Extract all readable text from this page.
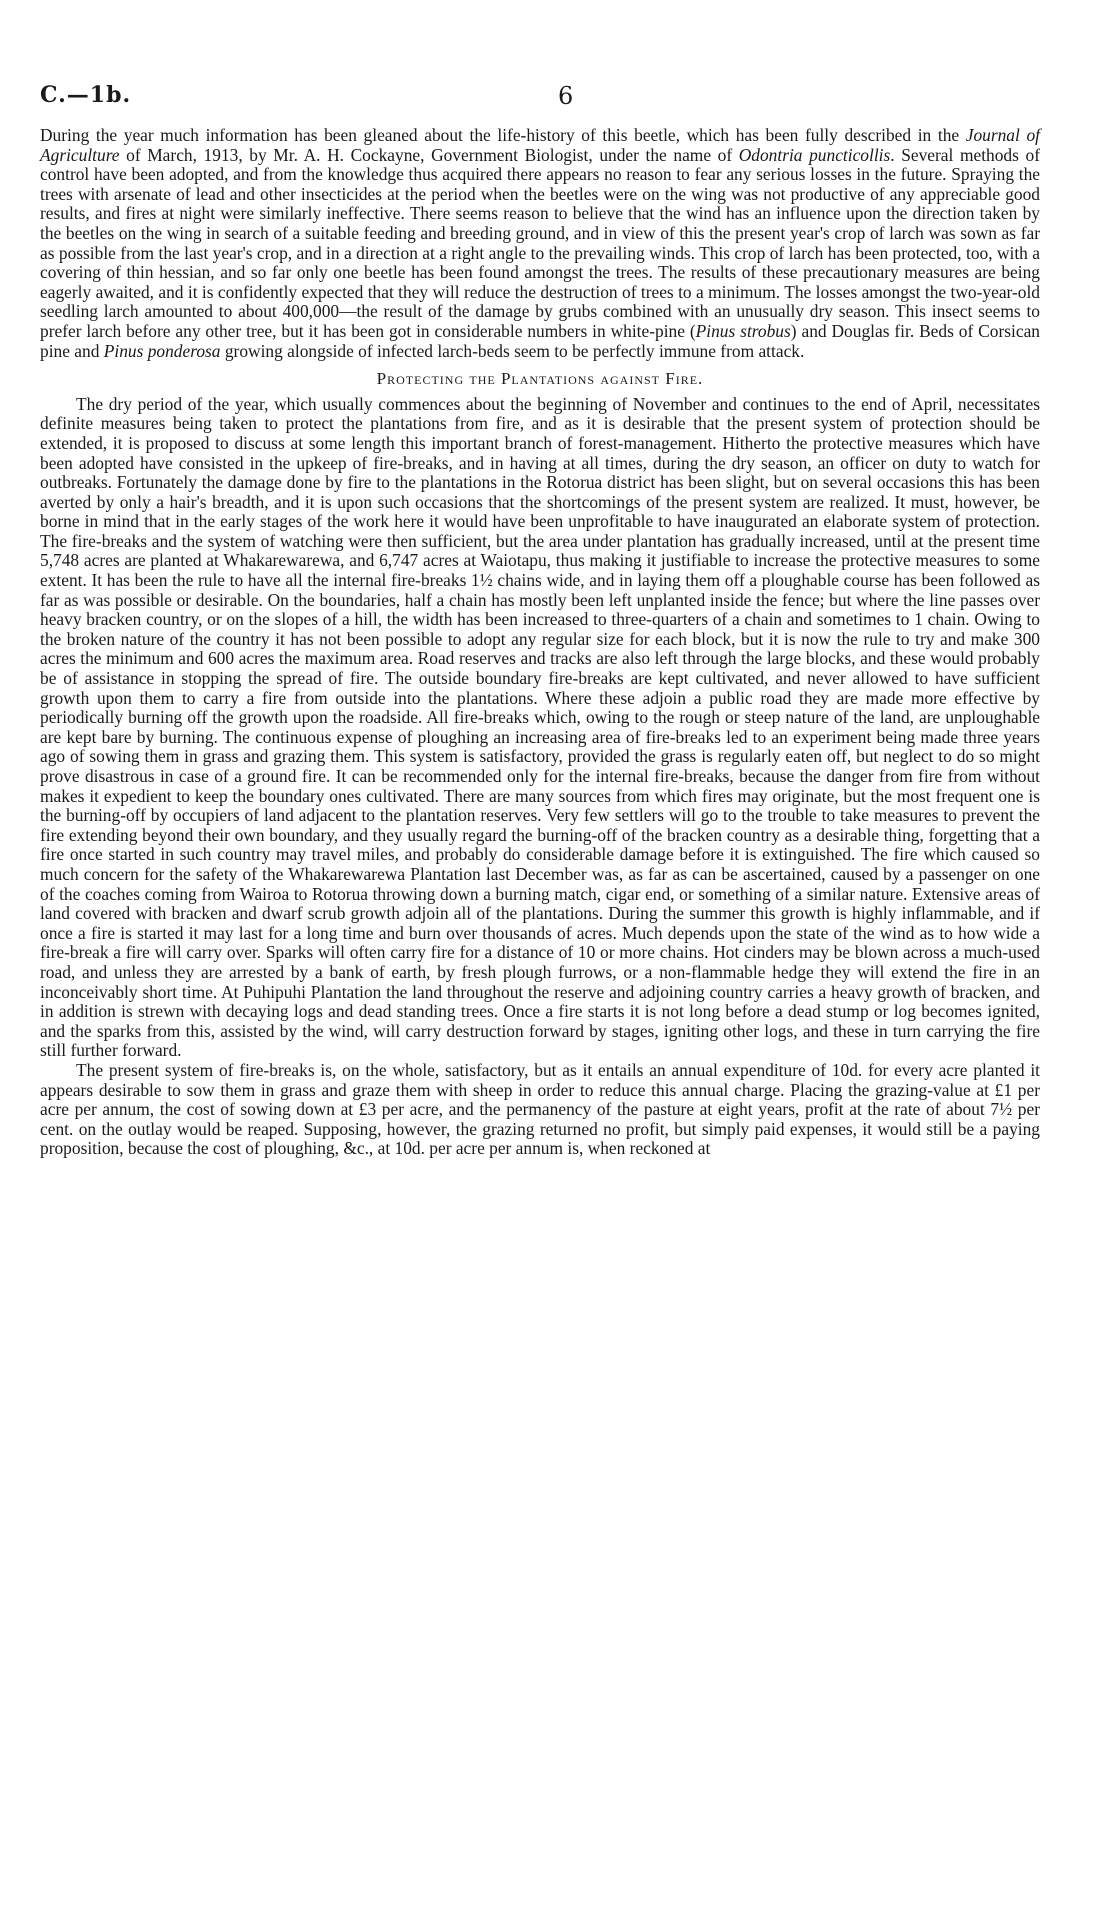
C.—1b.	6

During the year much information has been gleaned about the life-history of this beetle, which has been fully described in the Journal of Agriculture of March, 1913, by Mr. A. H. Cockayne, Government Biologist, under the name of Odontria puncticollis. Several methods of control have been adopted, and from the knowledge thus acquired there appears no reason to fear any serious losses in the future. Spraying the trees with arsenate of lead and other insecticides at the period when the beetles were on the wing was not productive of any appreciable good results, and fires at night were similarly ineffective. There seems reason to believe that the wind has an influence upon the direction taken by the beetles on the wing in search of a suitable feeding and breeding ground, and in view of this the present year's crop of larch was sown as far as possible from the last year's crop, and in a direction at a right angle to the prevailing winds. This crop of larch has been protected, too, with a covering of thin hessian, and so far only one beetle has been found amongst the trees. The results of these precautionary measures are being eagerly awaited, and it is confidently expected that they will reduce the destruction of trees to a minimum. The losses amongst the two-year-old seedling larch amounted to about 400,000—the result of the damage by grubs combined with an unusually dry season. This insect seems to prefer larch before any other tree, but it has been got in considerable numbers in white-pine (Pinus strobus) and Douglas fir. Beds of Corsican pine and Pinus ponderosa growing alongside of infected larch-beds seem to be perfectly immune from attack.

Protecting the Plantations against Fire.

The dry period of the year, which usually commences about the beginning of November and continues to the end of April, necessitates definite measures being taken to protect the plantations from fire, and as it is desirable that the present system of protection should be extended, it is proposed to discuss at some length this important branch of forest-management. Hitherto the protective measures which have been adopted have consisted in the upkeep of fire-breaks, and in having at all times, during the dry season, an officer on duty to watch for outbreaks. Fortunately the damage done by fire to the plantations in the Rotorua district has been slight, but on several occasions this has been averted by only a hair's breadth, and it is upon such occasions that the shortcomings of the present system are realized. It must, however, be borne in mind that in the early stages of the work here it would have been unprofitable to have inaugurated an elaborate system of protection. The fire-breaks and the system of watching were then sufficient, but the area under plantation has gradually increased, until at the present time 5,748 acres are planted at Whakarewarewa, and 6,747 acres at Waiotapu, thus making it justifiable to increase the protective measures to some extent. It has been the rule to have all the internal fire-breaks 1½ chains wide, and in laying them off a ploughable course has been followed as far as was possible or desirable. On the boundaries, half a chain has mostly been left unplanted inside the fence; but where the line passes over heavy bracken country, or on the slopes of a hill, the width has been increased to three-quarters of a chain and sometimes to 1 chain. Owing to the broken nature of the country it has not been possible to adopt any regular size for each block, but it is now the rule to try and make 300 acres the minimum and 600 acres the maximum area. Road reserves and tracks are also left through the large blocks, and these would probably be of assistance in stopping the spread of fire. The outside boundary fire-breaks are kept cultivated, and never allowed to have sufficient growth upon them to carry a fire from outside into the plantations. Where these adjoin a public road they are made more effective by periodically burning off the growth upon the roadside. All fire-breaks which, owing to the rough or steep nature of the land, are unploughable are kept bare by burning. The continuous expense of ploughing an increasing area of fire-breaks led to an experiment being made three years ago of sowing them in grass and grazing them. This system is satisfactory, provided the grass is regularly eaten off, but neglect to do so might prove disastrous in case of a ground fire. It can be recommended only for the internal fire-breaks, because the danger from fire from without makes it expedient to keep the boundary ones cultivated. There are many sources from which fires may originate, but the most frequent one is the burning-off by occupiers of land adjacent to the plantation reserves. Very few settlers will go to the trouble to take measures to prevent the fire extending beyond their own boundary, and they usually regard the burning-off of the bracken country as a desirable thing, forgetting that a fire once started in such country may travel miles, and probably do considerable damage before it is extinguished. The fire which caused so much concern for the safety of the Whakarewarewa Plantation last December was, as far as can be ascertained, caused by a passenger on one of the coaches coming from Wairoa to Rotorua throwing down a burning match, cigar end, or something of a similar nature. Extensive areas of land covered with bracken and dwarf scrub growth adjoin all of the plantations. During the summer this growth is highly inflammable, and if once a fire is started it may last for a long time and burn over thousands of acres. Much depends upon the state of the wind as to how wide a fire-break a fire will carry over. Sparks will often carry fire for a distance of 10 or more chains. Hot cinders may be blown across a much-used road, and unless they are arrested by a bank of earth, by fresh plough furrows, or a non-flammable hedge they will extend the fire in an inconceivably short time. At Puhipuhi Plantation the land throughout the reserve and adjoining country carries a heavy growth of bracken, and in addition is strewn with decaying logs and dead standing trees. Once a fire starts it is not long before a dead stump or log becomes ignited, and the sparks from this, assisted by the wind, will carry destruction forward by stages, igniting other logs, and these in turn carrying the fire still further forward.

The present system of fire-breaks is, on the whole, satisfactory, but as it entails an annual expenditure of 10d. for every acre planted it appears desirable to sow them in grass and graze them with sheep in order to reduce this annual charge. Placing the grazing-value at £1 per acre per annum, the cost of sowing down at £3 per acre, and the permanency of the pasture at eight years, profit at the rate of about 7½ per cent. on the outlay would be reaped. Supposing, however, the grazing returned no profit, but simply paid expenses, it would still be a paying proposition, because the cost of ploughing, &c., at 10d. per acre per annum is, when reckoned at
